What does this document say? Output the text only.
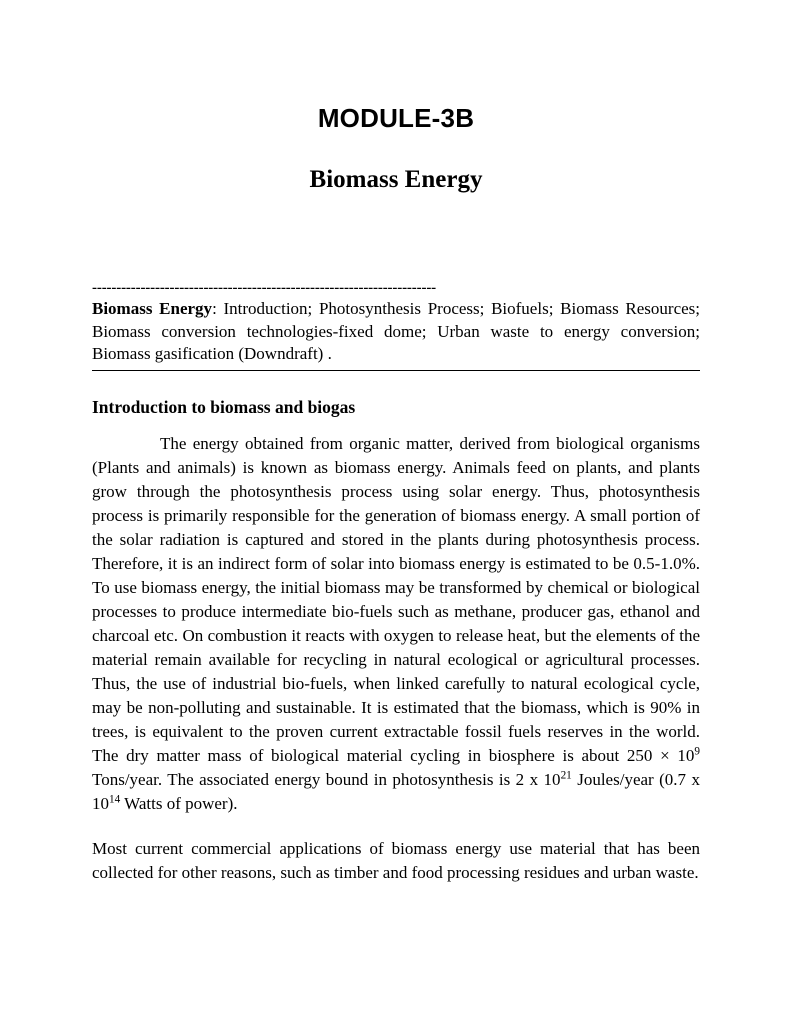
MODULE-3B
Biomass Energy
-----------------------------------------------------------------------

Biomass Energy: Introduction; Photosynthesis Process; Biofuels; Biomass Resources; Biomass conversion technologies-fixed dome; Urban waste to energy conversion; Biomass gasification (Downdraft) .

Introduction to biomass and biogas

The energy obtained from organic matter, derived from biological organisms (Plants and animals) is known as biomass energy. Animals feed on plants, and plants grow through the photosynthesis process using solar energy. Thus, photosynthesis process is primarily responsible for the generation of biomass energy. A small portion of the solar radiation is captured and stored in the plants during photosynthesis process. Therefore, it is an indirect form of solar into biomass energy is estimated to be 0.5-1.0%. To use biomass energy, the initial biomass may be transformed by chemical or biological processes to produce intermediate bio-fuels such as methane, producer gas, ethanol and charcoal etc. On combustion it reacts with oxygen to release heat, but the elements of the material remain available for recycling in natural ecological or agricultural processes. Thus, the use of industrial bio-fuels, when linked carefully to natural ecological cycle, may be non-polluting and sustainable. It is estimated that the biomass, which is 90% in trees, is equivalent to the proven current extractable fossil fuels reserves in the world. The dry matter mass of biological material cycling in biosphere is about $250 \times 10^9$ Tons/year. The associated energy bound in photosynthesis is 2 x $10^{21}$ Joules/year (0.7 x $10^{14}$ Watts of power).

Most current commercial applications of biomass energy use material that has been collected for other reasons, such as timber and food processing residues and urban waste.
